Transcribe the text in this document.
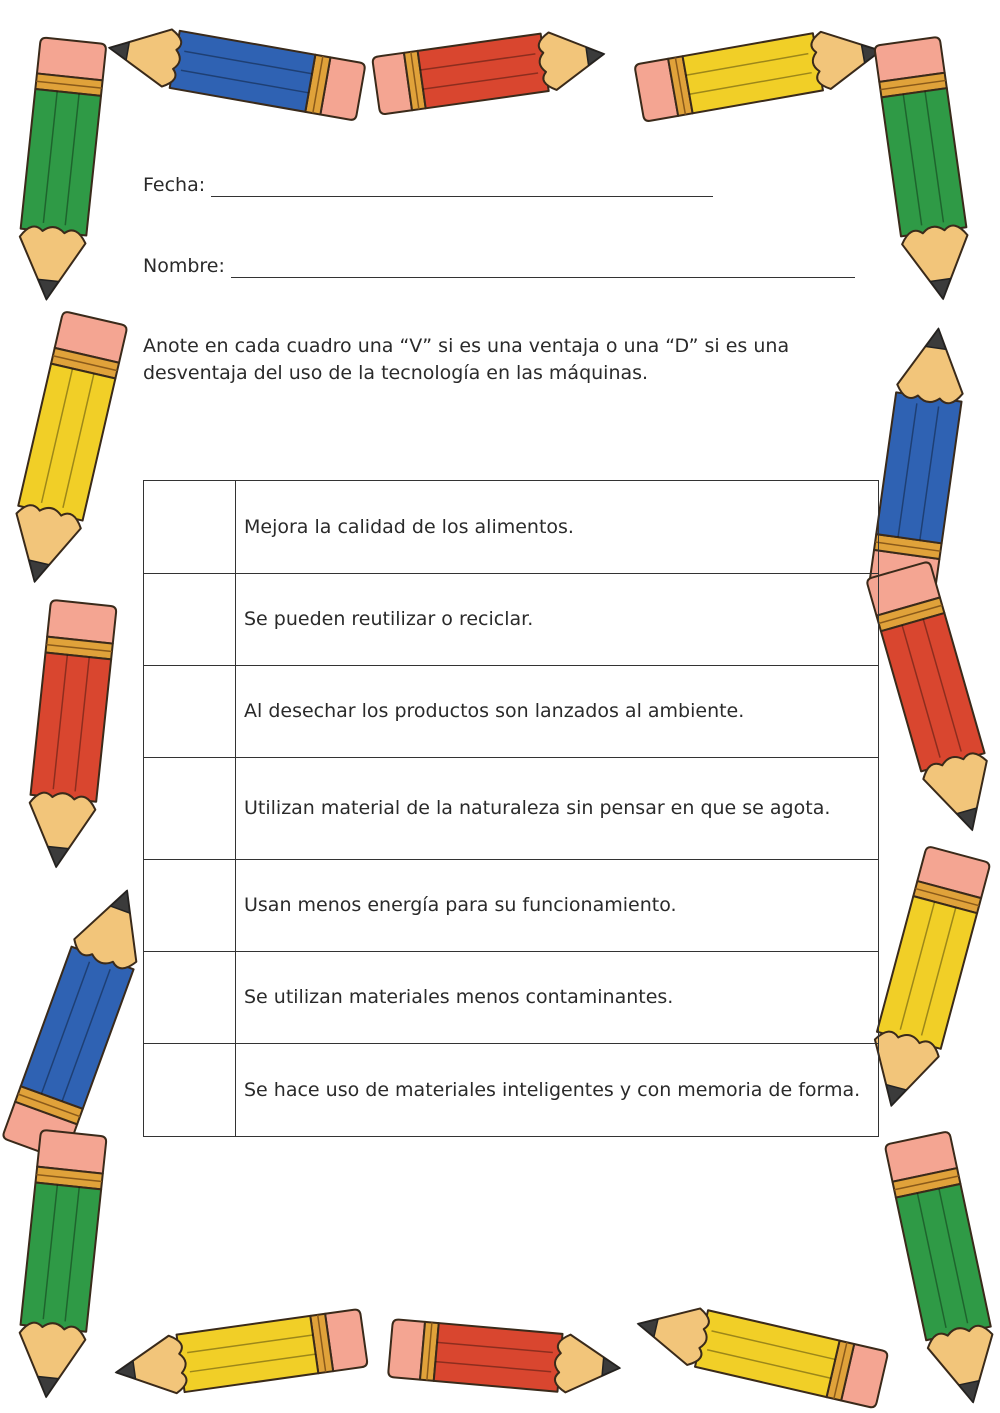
Fecha:
Nombre:

Anote en cada cuadro una “V” si es una ventaja o una “D” si es una desventaja del uso de la tecnología en las máquinas.

	Mejora la calidad de los alimentos.
	Se pueden reutilizar o reciclar.
	Al desechar los productos son lanzados al ambiente.
	Utilizan material de la naturaleza sin pensar en que se agota.
	Usan menos energía para su funcionamiento.
	Se utilizan materiales menos contaminantes.
	Se hace uso de materiales inteligentes y con memoria de forma.
